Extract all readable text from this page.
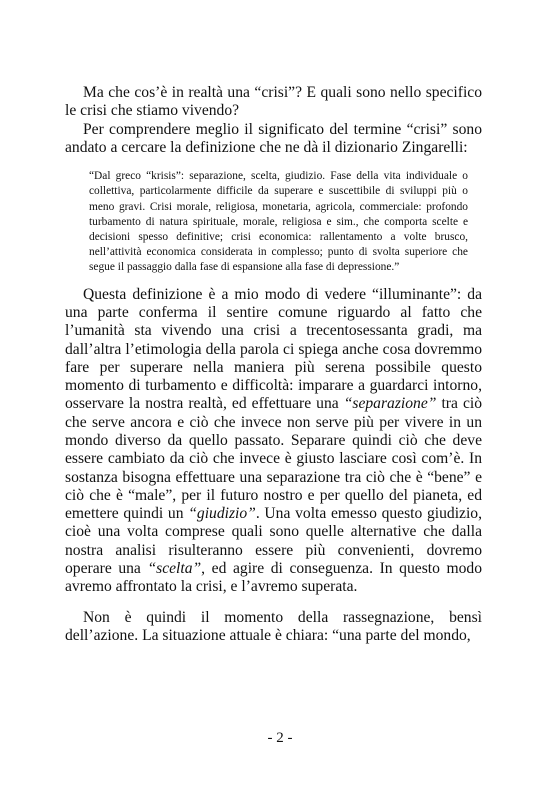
Ma che cos’è in realtà una “crisi”? E quali sono nello specifico le crisi che stiamo vivendo?

Per comprendere meglio il significato del termine “crisi” sono andato a cercare la definizione che ne dà il dizionario Zingarelli:

“Dal greco “krisis”: separazione, scelta, giudizio. Fase della vita individuale o collettiva, particolarmente difficile da superare e suscettibile di sviluppi più o meno gravi. Crisi morale, religiosa, monetaria, agricola, commerciale: profondo turbamento di natura spirituale, morale, religiosa e sim., che comporta scelte e decisioni spesso definitive; crisi economica: rallentamento a volte brusco, nell’attività economica considerata in complesso; punto di svolta superiore che segue il passaggio dalla fase di espansione alla fase di depressione.”

Questa definizione è a mio modo di vedere “illuminante”: da una parte conferma il sentire comune riguardo al fatto che l’umanità sta vivendo una crisi a trecentosessanta gradi, ma dall’altra l’etimologia della parola ci spiega anche cosa dovremmo fare per superare nella maniera più serena possibile questo momento di turbamento e difficoltà: imparare a guardarci intorno, osservare la nostra realtà, ed effettuare una “separazione” tra ciò che serve ancora e ciò che invece non serve più per vivere in un mondo diverso da quello passato. Separare quindi ciò che deve essere cambiato da ciò che invece è giusto lasciare così com’è. In sostanza bisogna effettuare una separazione tra ciò che è “bene” e ciò che è “male”, per il futuro nostro e per quello del pianeta, ed emettere quindi un “giudizio”. Una volta emesso questo giudizio, cioè una volta comprese quali sono quelle alternative che dalla nostra analisi risulteranno essere più convenienti, dovremo operare una “scelta”, ed agire di conseguenza. In questo modo avremo affrontato la crisi, e l’avremo superata.

Non è quindi il momento della rassegnazione, bensì dell’azione. La situazione attuale è chiara: “una parte del mondo,

- 2 -
